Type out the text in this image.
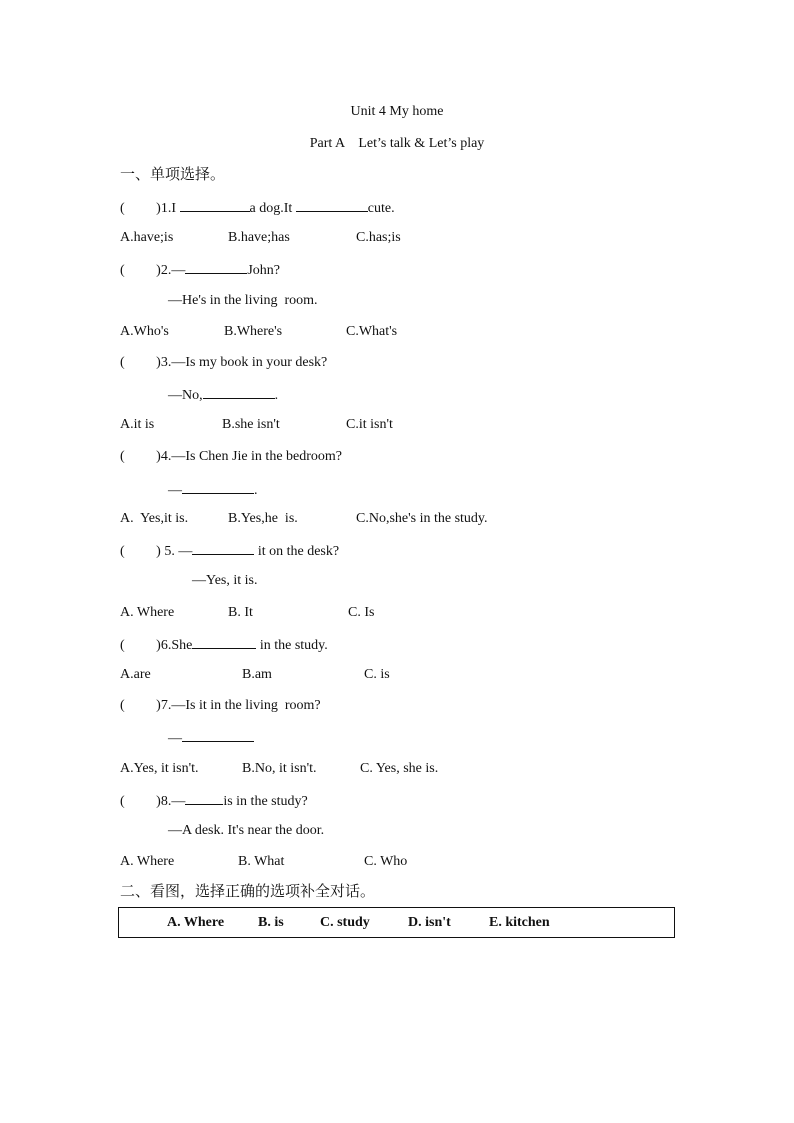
Unit 4 My home
Part A    Let’s talk & Let’s play
一、单项选择。
(         )1.I	a dog.It	cute.
A.have;is	B.have;has	C.has;is
(         )2.—	John?
—He's in the living  room.
A.Who's	B.Where's	C.What's
(         )3.—Is my book in your desk?
—No,	.
A.it is	B.she isn't	C.it isn't
(         )4.—Is Chen Jie in the bedroom?
—	.
A.  Yes,it is.	B.Yes,he  is.	C.No,she's in the study.
(         ) 5. —	it on the desk?
—Yes, it is.
A. Where	B. It	C. Is
(         )6.She	in the study.
A.are	B.am	C. is
(         )7.—Is it in the living  room?
—
A.Yes, it isn't.	B.No, it isn't.	C. Yes, she is.
(         )8.—	is in the study?
—A desk. It's near the door.
A. Where	B. What	C. Who
二、看图，选择正确的选项补全对话。
A. Where B. is	C. study	D. isn't	E. kitchen
